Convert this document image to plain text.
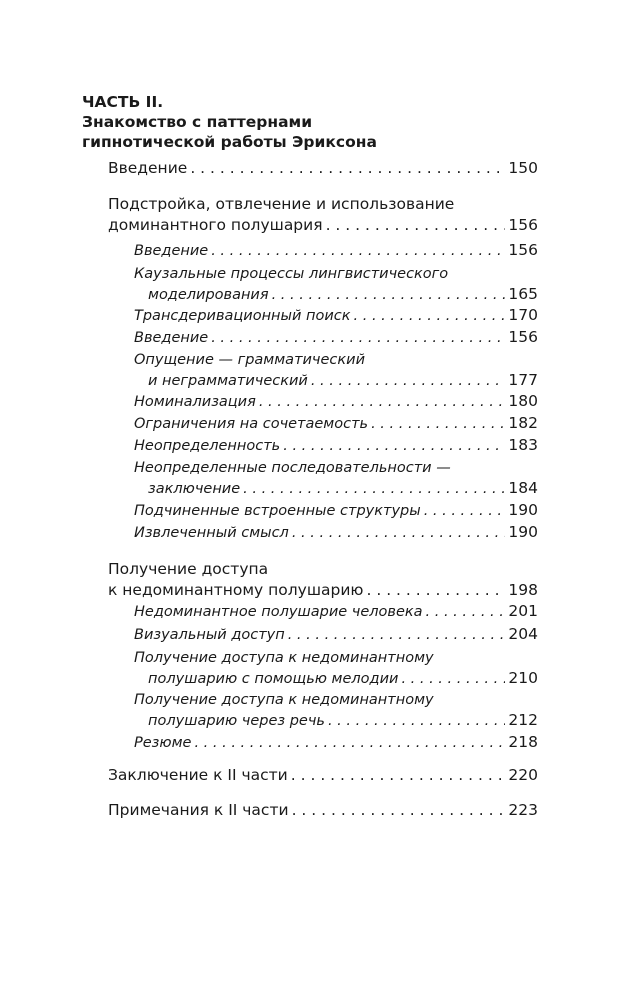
ЧАСТЬ II.
Знакомство с паттернами
гипнотической работы Эриксона
Введение . . .	150
Подстройка, отвлечение и использование
доминантного полушария . . .	156
Введение . . .	156
Каузальные процессы лингвистического
моделирования . . .	165
Трансдеривационный поиск . . .	170
Введение . . .	156
Опущение — грамматический
и неграмматический . . .	177
Номинализация . . .	180
Ограничения на сочетаемость . . .	182
Неопределенность . . .	183
Неопределенные последовательности —
заключение . . .	184
Подчиненные встроенные структуры . . .	190
Извлеченный смысл . . .	190
Получение доступа
к недоминантному полушарию . . .	198
Недоминантное полушарие человека . . .	201
Визуальный доступ . . .	204
Получение доступа к недоминантному
полушарию с помощью мелодии . . .	210
Получение доступа к недоминантному
полушарию через речь . . .	212
Резюме . . .	218
Заключение к II части . . .	220
Примечания к II части . . .	223
